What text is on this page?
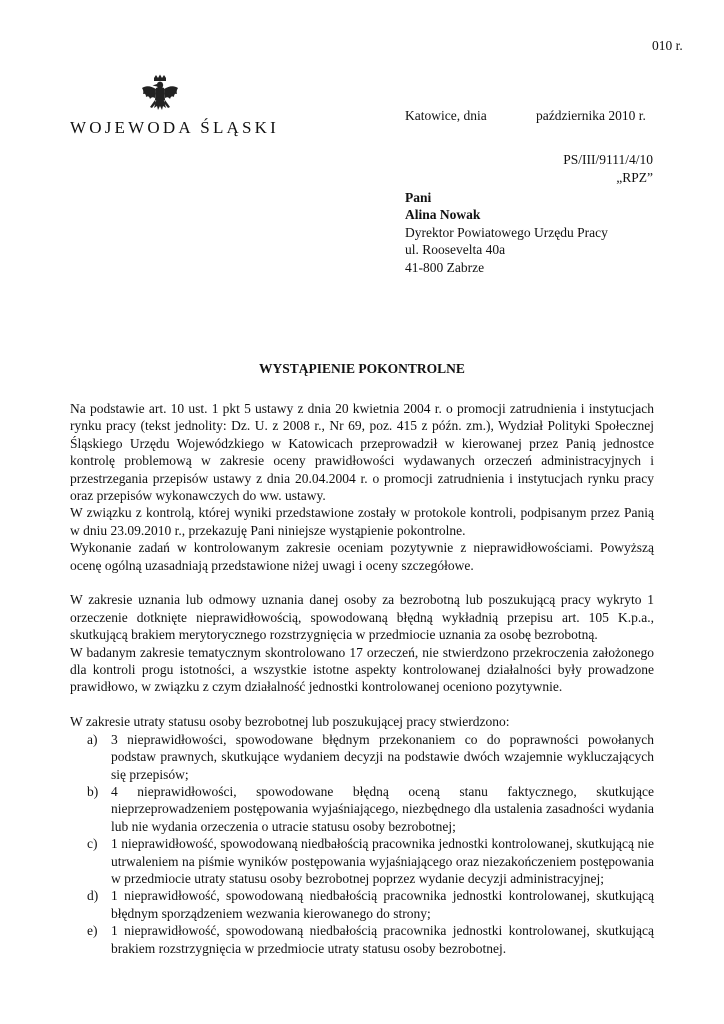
010 r.
WOJEWODA ŚLĄSKI
Katowice, dnia	października 2010 r.
PS/III/9111/4/10
„RPZ”
Pani
Alina Nowak
Dyrektor Powiatowego Urzędu Pracy
ul. Roosevelta 40a
41-800 Zabrze
WYSTĄPIENIE POKONTROLNE

Na podstawie art. 10 ust. 1 pkt 5 ustawy z dnia 20 kwietnia 2004 r. o promocji zatrudnienia i instytucjach rynku pracy (tekst jednolity: Dz. U. z 2008 r., Nr 69, poz. 415 z późn. zm.), Wydział Polityki Społecznej Śląskiego Urzędu Wojewódzkiego w Katowicach przeprowadził w kierowanej przez Panią jednostce kontrolę problemową w zakresie oceny prawidłowości wydawanych orzeczeń administracyjnych i przestrzegania przepisów ustawy z dnia 20.04.2004 r. o promocji zatrudnienia i instytucjach rynku pracy oraz przepisów wykonawczych do ww. ustawy.

W związku z kontrolą, której wyniki przedstawione zostały w protokole kontroli, podpisanym przez Panią w dniu 23.09.2010 r., przekazuję Pani niniejsze wystąpienie pokontrolne.

Wykonanie zadań w kontrolowanym zakresie oceniam pozytywnie z nieprawidłowościami. Powyższą ocenę ogólną uzasadniają przedstawione niżej uwagi i oceny szczegółowe.

W zakresie uznania lub odmowy uznania danej osoby za bezrobotną lub poszukującą pracy wykryto 1 orzeczenie dotknięte nieprawidłowością, spowodowaną błędną wykładnią przepisu art. 105 K.p.a., skutkującą brakiem merytorycznego rozstrzygnięcia w przedmiocie uznania za osobę bezrobotną.

W badanym zakresie tematycznym skontrolowano 17 orzeczeń, nie stwierdzono przekroczenia założonego dla kontroli progu istotności, a wszystkie istotne aspekty kontrolowanej działalności były prowadzone prawidłowo, w związku z czym działalność jednostki kontrolowanej oceniono pozytywnie.

W zakresie utraty statusu osoby bezrobotnej lub poszukującej pracy stwierdzono:

a) 3 nieprawidłowości, spowodowane błędnym przekonaniem co do poprawności powołanych podstaw prawnych, skutkujące wydaniem decyzji na podstawie dwóch wzajemnie wykluczających się przepisów;
b) 4 nieprawidłowości, spowodowane błędną oceną stanu faktycznego, skutkujące nieprzeprowadzeniem postępowania wyjaśniającego, niezbędnego dla ustalenia zasadności wydania lub nie wydania orzeczenia o utracie statusu osoby bezrobotnej;
c) 1 nieprawidłowość, spowodowaną niedbałością pracownika jednostki kontrolowanej, skutkującą nie utrwaleniem na piśmie wyników postępowania wyjaśniającego oraz niezakończeniem postępowania w przedmiocie utraty statusu osoby bezrobotnej poprzez wydanie decyzji administracyjnej;
d) 1 nieprawidłowość, spowodowaną niedbałością pracownika jednostki kontrolowanej, skutkującą błędnym sporządzeniem wezwania kierowanego do strony;
e) 1 nieprawidłowość, spowodowaną niedbałością pracownika jednostki kontrolowanej, skutkującą brakiem rozstrzygnięcia w przedmiocie utraty statusu osoby bezrobotnej.
